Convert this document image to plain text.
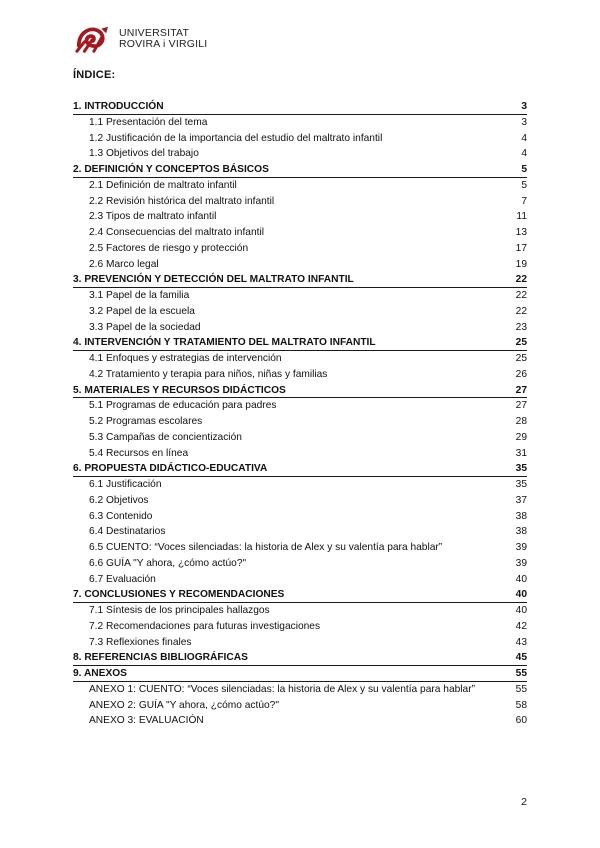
UNIVERSITAT
ROVIRA i VIRGILI
ÍNDICE:
1. INTRODUCCIÓN	3
1.1 Presentación del tema	3
1.2 Justificación de la importancia del estudio del maltrato infantil	4
1.3 Objetivos del trabajo	4
2. DEFINICIÓN Y CONCEPTOS BÁSICOS	5
2.1 Definición de maltrato infantil	5
2.2 Revisión histórica del maltrato infantil	7
2.3 Tipos de maltrato infantil	11
2.4 Consecuencias del maltrato infantil	13
2.5 Factores de riesgo y protección	17
2.6 Marco legal	19
3. PREVENCIÓN Y DETECCIÓN DEL MALTRATO INFANTIL	22
3.1 Papel de la familia	22
3.2 Papel de la escuela	22
3.3 Papel de la sociedad	23
4. INTERVENCIÓN Y TRATAMIENTO DEL MALTRATO INFANTIL	25
4.1 Enfoques y estrategias de intervención	25
4.2 Tratamiento y terapia para niños, niñas y familias	26
5. MATERIALES Y RECURSOS DIDÁCTICOS	27
5.1 Programas de educación para padres	27
5.2 Programas escolares	28
5.3 Campañas de concientización	29
5.4 Recursos en línea	31
6. PROPUESTA DIDÁCTICO-EDUCATIVA	35
6.1 Justificación	35
6.2 Objetivos	37
6.3 Contenido	38
6.4 Destinatarios	38
6.5 CUENTO: “Voces silenciadas: la historia de Alex y su valentía para hablar”	39
6.6 GUÍA "Y ahora, ¿cómo actúo?"	39
6.7 Evaluación	40
7. CONCLUSIONES Y RECOMENDACIONES	40
7.1 Síntesis de los principales hallazgos	40
7.2 Recomendaciones para futuras investigaciones	42
7.3 Reflexiones finales	43
8. REFERENCIAS BIBLIOGRÁFICAS	45
9. ANEXOS	55
ANEXO 1: CUENTO: “Voces silenciadas: la historia de Alex y su valentía para hablar”	55
ANEXO 2: GUÍA "Y ahora, ¿cómo actúo?"	58
ANEXO 3: EVALUACIÓN	60
2
